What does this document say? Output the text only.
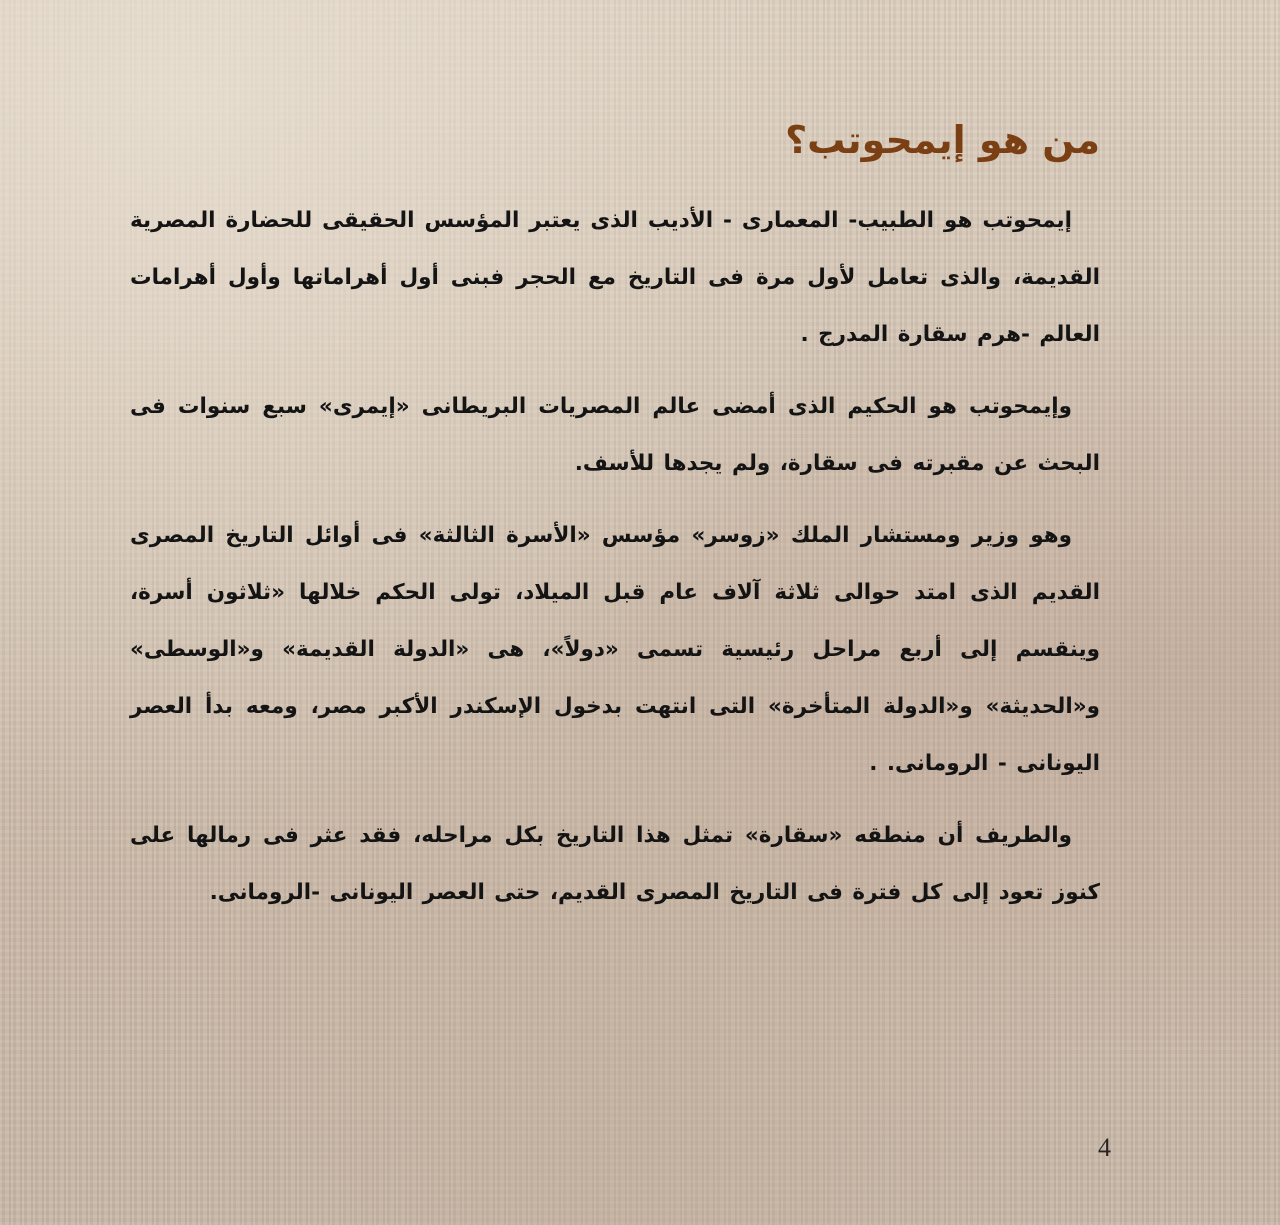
من هو إيمحوتب؟

إيمحوتب هو الطبيب- المعمارى - الأديب الذى يعتبر المؤسس الحقيقى للحضارة المصرية القديمة، والذى تعامل لأول مرة فى التاريخ مع الحجر فبنى أول أهراماتها وأول أهرامات العالم -هرم سقارة المدرج .

وإيمحوتب هو الحكيم الذى أمضى عالم المصريات البريطانى «إيمرى» سبع سنوات فى البحث عن مقبرته فى سقارة، ولم يجدها للأسف.

وهو وزير ومستشار الملك «زوسر» مؤسس «الأسرة الثالثة» فى أوائل التاريخ المصرى القديم الذى امتد حوالى ثلاثة آلاف عام قبل الميلاد، تولى الحكم خلالها «ثلاثون أسرة، وينقسم إلى أربع مراحل رئيسية تسمى «دولاً»، هى «الدولة القديمة» و«الوسطى» و«الحديثة» و«الدولة المتأخرة» التى انتهت بدخول الإسكندر الأكبر مصر، ومعه بدأ العصر اليونانى - الرومانى. .

والطريف أن منطقه «سقارة» تمثل هذا التاريخ بكل مراحله، فقد عثر فى رمالها على كنوز تعود إلى كل فترة فى التاريخ المصرى القديم، حتى العصر اليونانى -الرومانى.

4
